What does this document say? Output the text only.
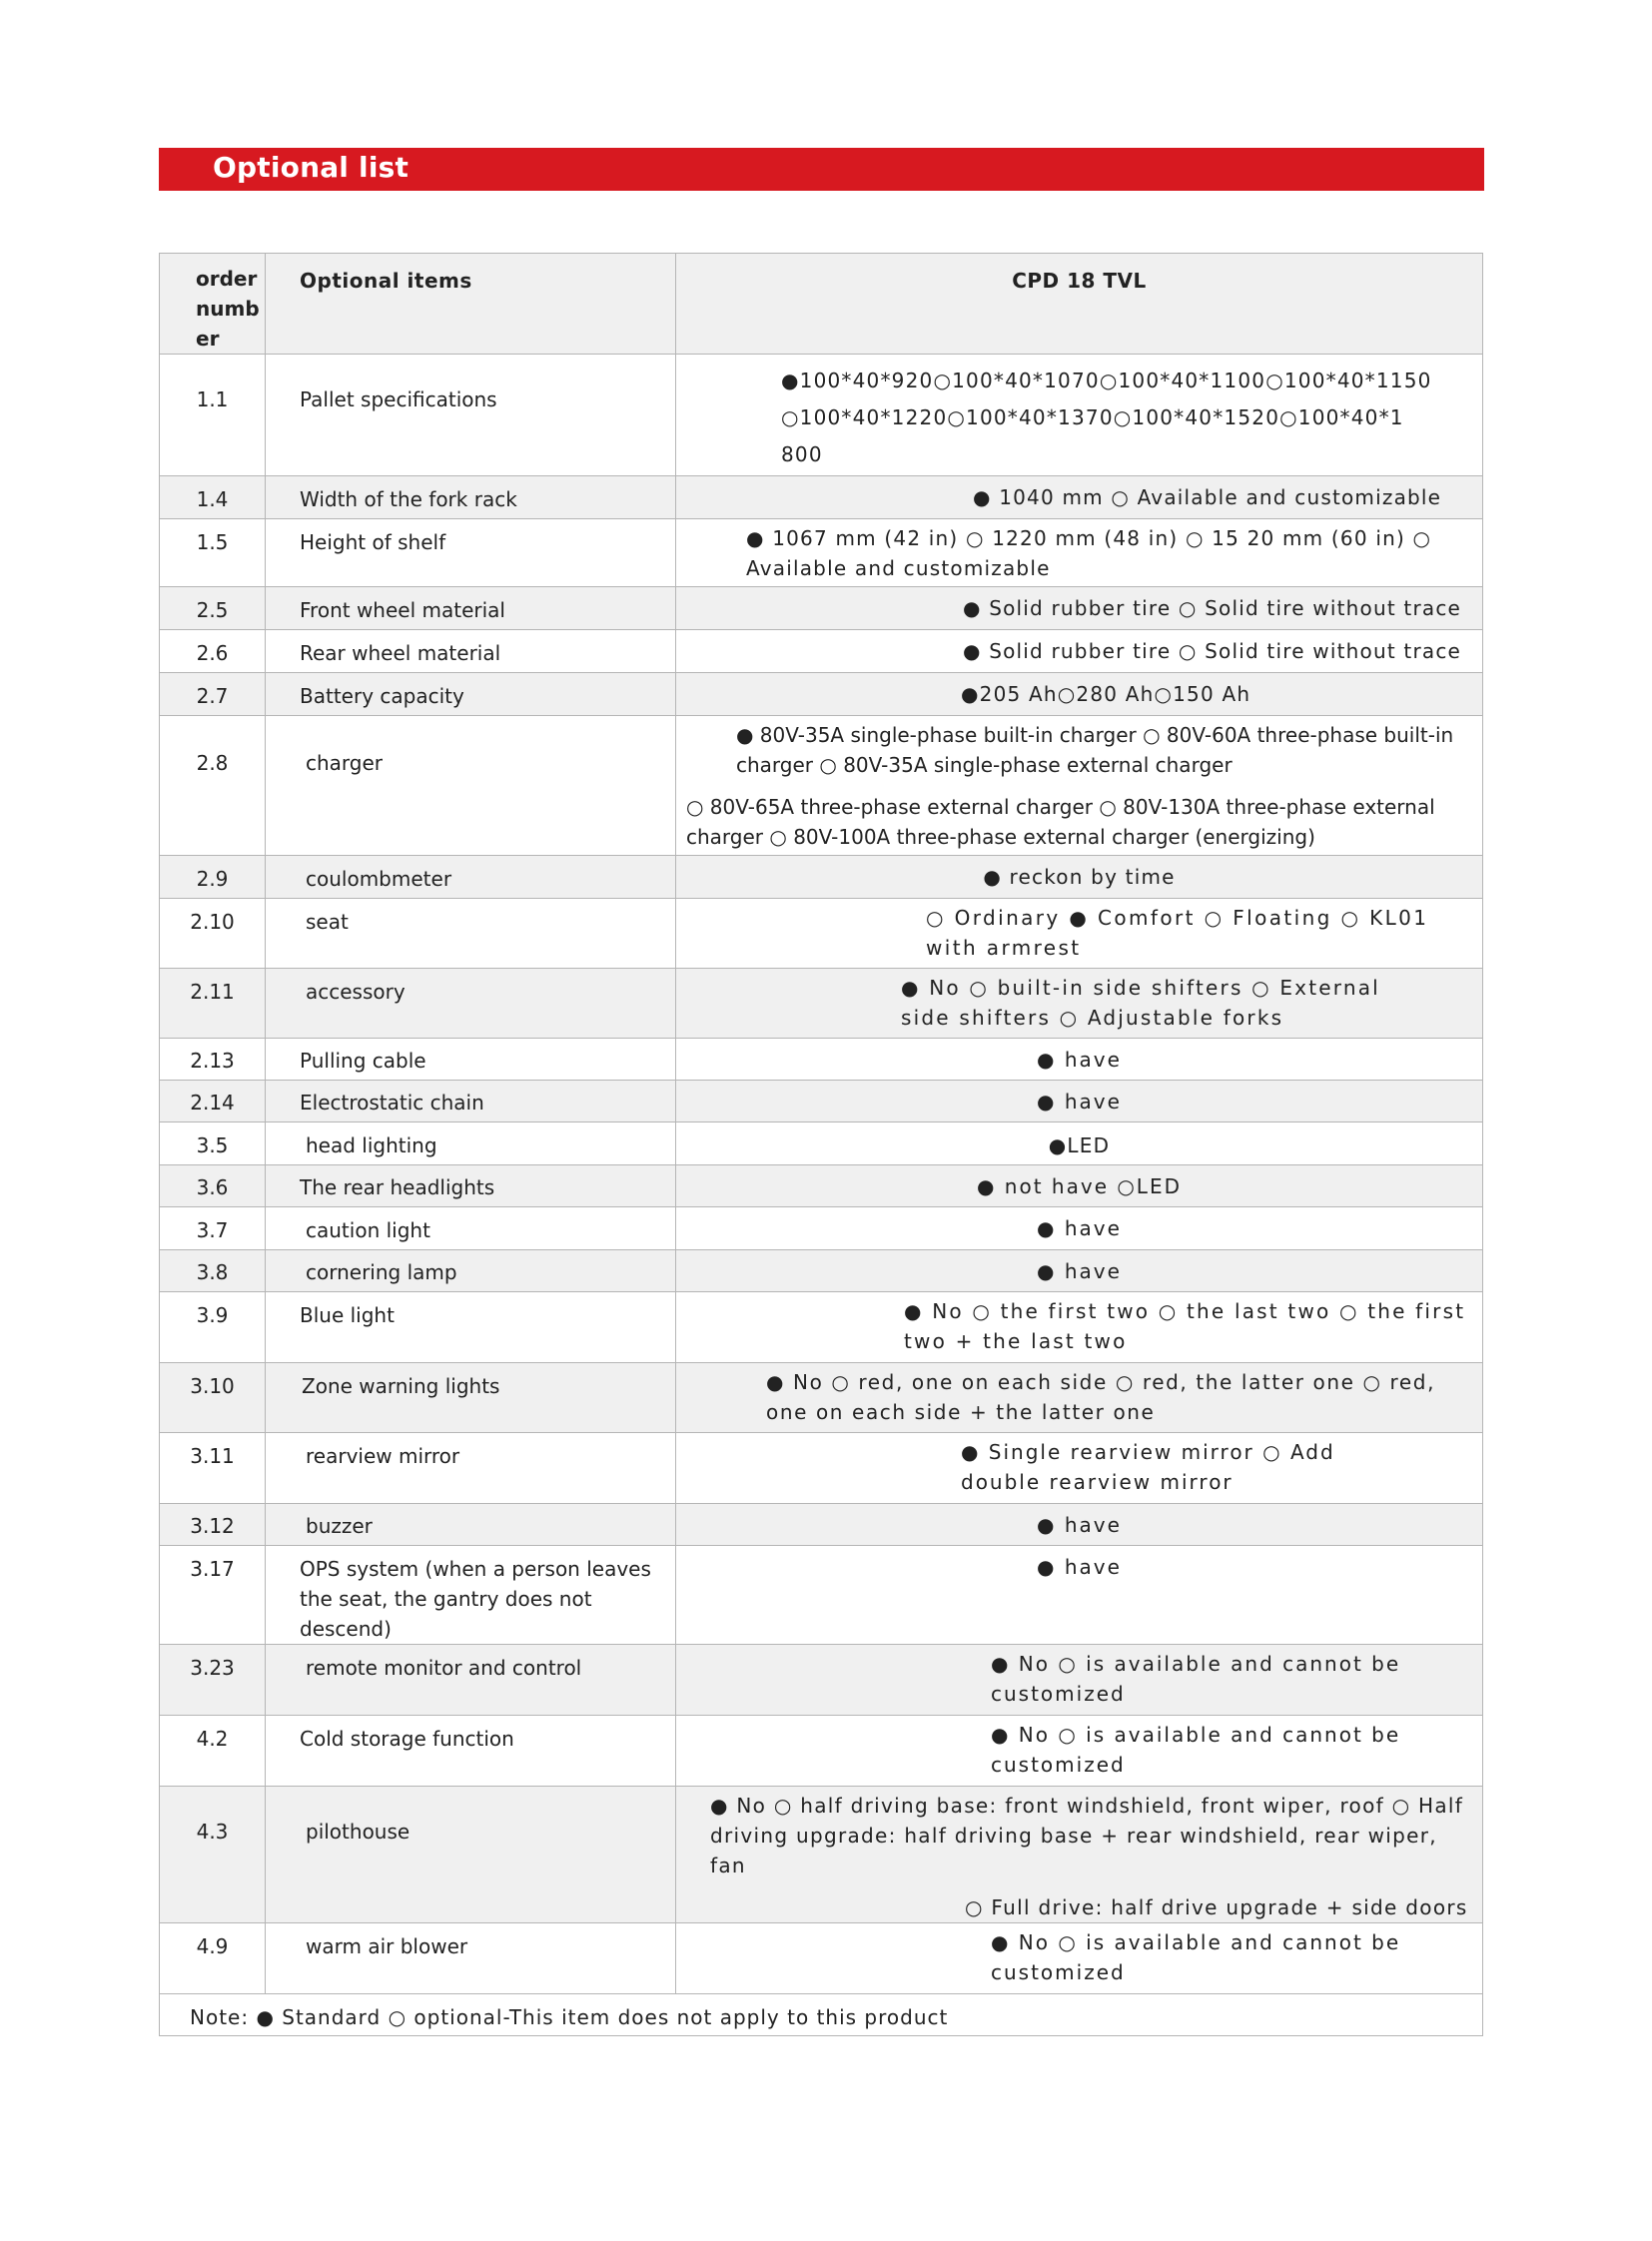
Optional list
order numb er	Optional items	CPD 18 TVL
1.1	Pallet specifications	●100*40*920○100*40*1070○100*40*1100○100*40*1150 ○100*40*1220○100*40*1370○100*40*1520○100*40*1 800
1.4	Width of the fork rack	● 1040 mm ○ Available and customizable
1.5	Height of shelf	● 1067 mm (42 in) ○ 1220 mm (48 in) ○ 15 20 mm (60 in) ○ Available and customizable
2.5	Front wheel material	● Solid rubber tire ○ Solid tire without trace
2.6	Rear wheel material	● Solid rubber tire ○ Solid tire without trace
2.7	Battery capacity	●205 Ah○280 Ah○150 Ah
2.8	charger	● 80V-35A single-phase built-in charger ○ 80V-60A three-phase built-in charger ○ 80V-35A single-phase external charger
○ 80V-65A three-phase external charger ○ 80V-130A three-phase external charger ○ 80V-100A three-phase external charger (energizing)

2.9	coulombmeter	● reckon by time
2.10	seat	○ Ordinary ● Comfort ○ Floating ○ KL01 with armrest
2.11	accessory	● No ○ built-in side shifters ○ External side shifters ○ Adjustable forks
2.13	Pulling cable	● have
2.14	Electrostatic chain	● have
3.5	head lighting	●LED
3.6	The rear headlights	● not have ○LED
3.7	caution light	● have
3.8	cornering lamp	● have
3.9	Blue light	● No ○ the first two ○ the last two ○ the first two + the last two
3.10	Zone warning lights	● No ○ red, one on each side ○ red, the latter one ○ red, one on each side + the latter one
3.11	rearview mirror	● Single rearview mirror ○ Add double rearview mirror
3.12	buzzer	● have
3.17	OPS system (when a person leaves the seat, the gantry does not descend)	● have
3.23	remote monitor and control	● No ○ is available and cannot be customized
4.2	Cold storage function	● No ○ is available and cannot be customized
4.3	pilothouse	● No ○ half driving base: front windshield, front wiper, roof ○ Half driving upgrade: half driving base + rear windshield, rear wiper, fan
○ Full drive: half drive upgrade + side doors

4.9	warm air blower	● No ○ is available and cannot be customized
Note: ● Standard ○ optional-This item does not apply to this product		
